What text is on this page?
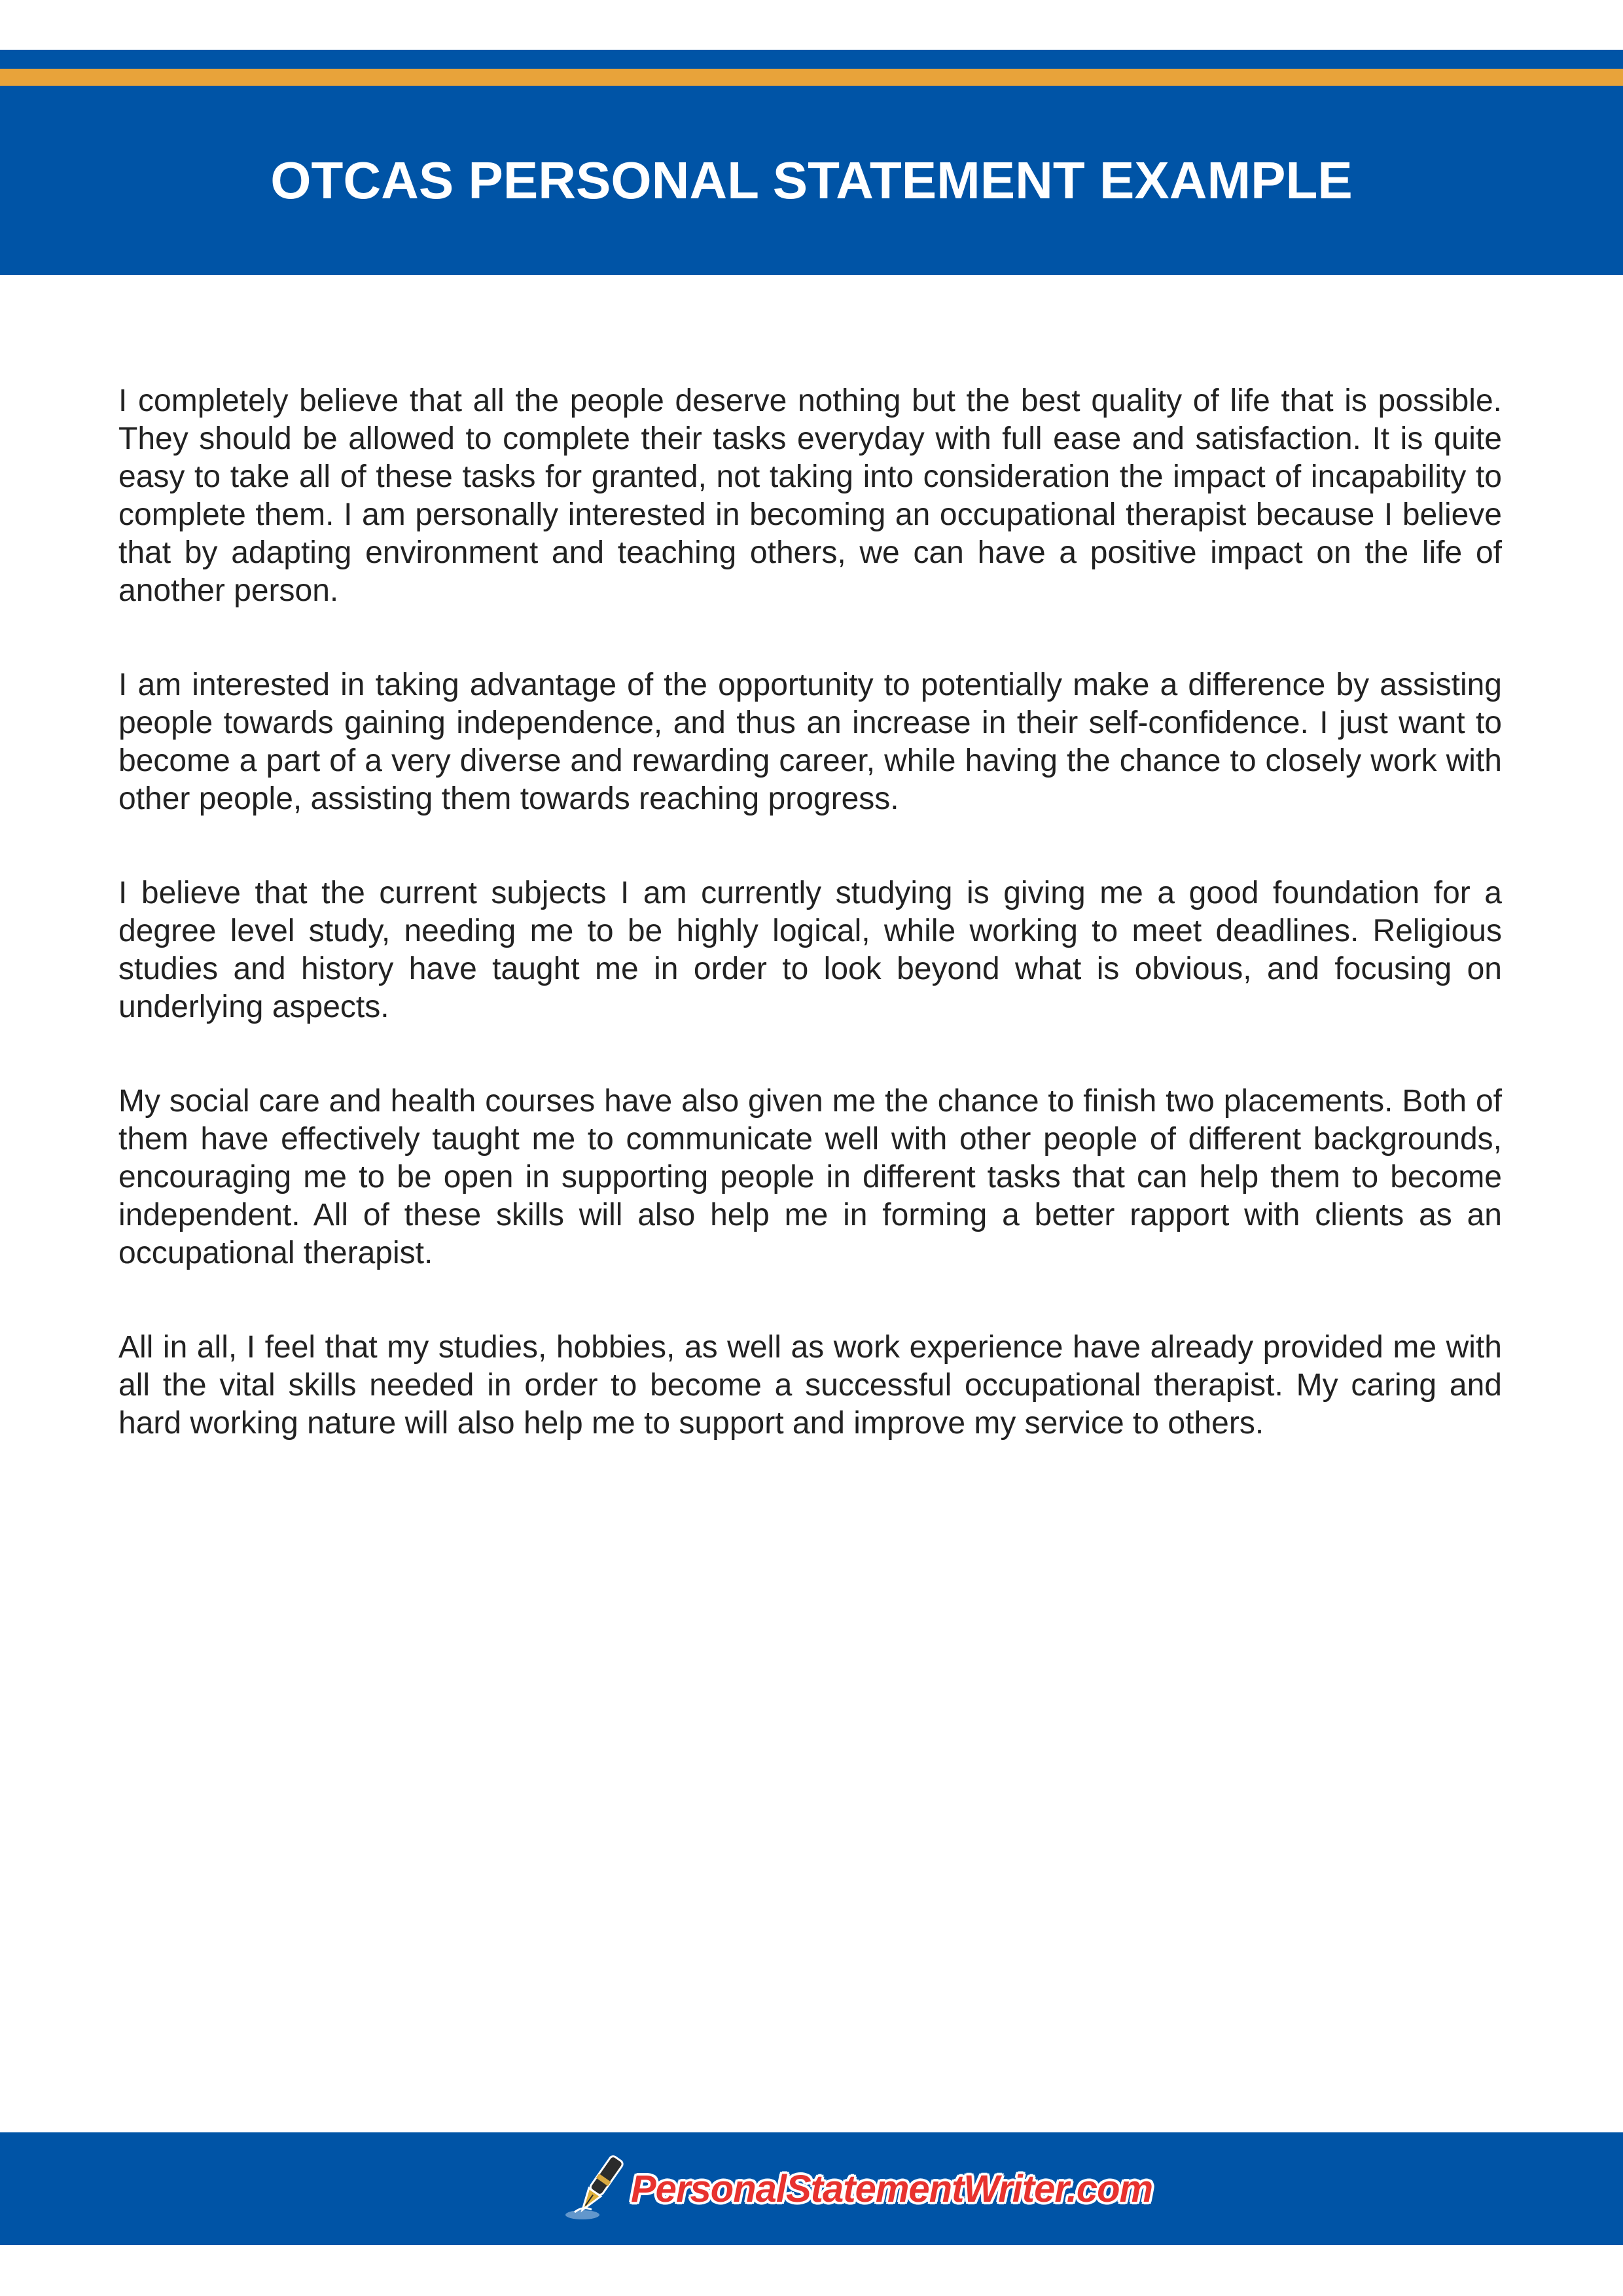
OTCAS PERSONAL STATEMENT EXAMPLE

I completely believe that all the people deserve nothing but the best quality of life that is possible. They should be allowed to complete their tasks everyday with full ease and satisfaction. It is quite easy to take all of these tasks for granted, not taking into consideration the impact of incapability to complete them. I am personally interested in becoming an occupational therapist because I believe that by adapting environment and teaching others, we can have a positive impact on the life of another person.

I am interested in taking advantage of the opportunity to potentially make a difference by assisting people towards gaining independence, and thus an increase in their self-confidence. I just want to become a part of a very diverse and rewarding career, while having the chance to closely work with other people, assisting them towards reaching progress.

I believe that the current subjects I am currently studying is giving me a good foundation for a degree level study, needing me to be highly logical, while working to meet deadlines. Religious studies and history have taught me in order to look beyond what is obvious, and focusing on underlying aspects.

My social care and health courses have also given me the chance to finish two placements. Both of them have effectively taught me to communicate well with other people of different backgrounds, encouraging me to be open in supporting people in different tasks that can help them to become independent. All of these skills will also help me in forming a better rapport with clients as an occupational therapist.

All in all, I feel that my studies, hobbies, as well as work experience have already provided me with all the vital skills needed in order to become a successful occupational therapist. My caring and hard working nature will also help me to support and improve my service to others.

PersonalStatementWriter.com
